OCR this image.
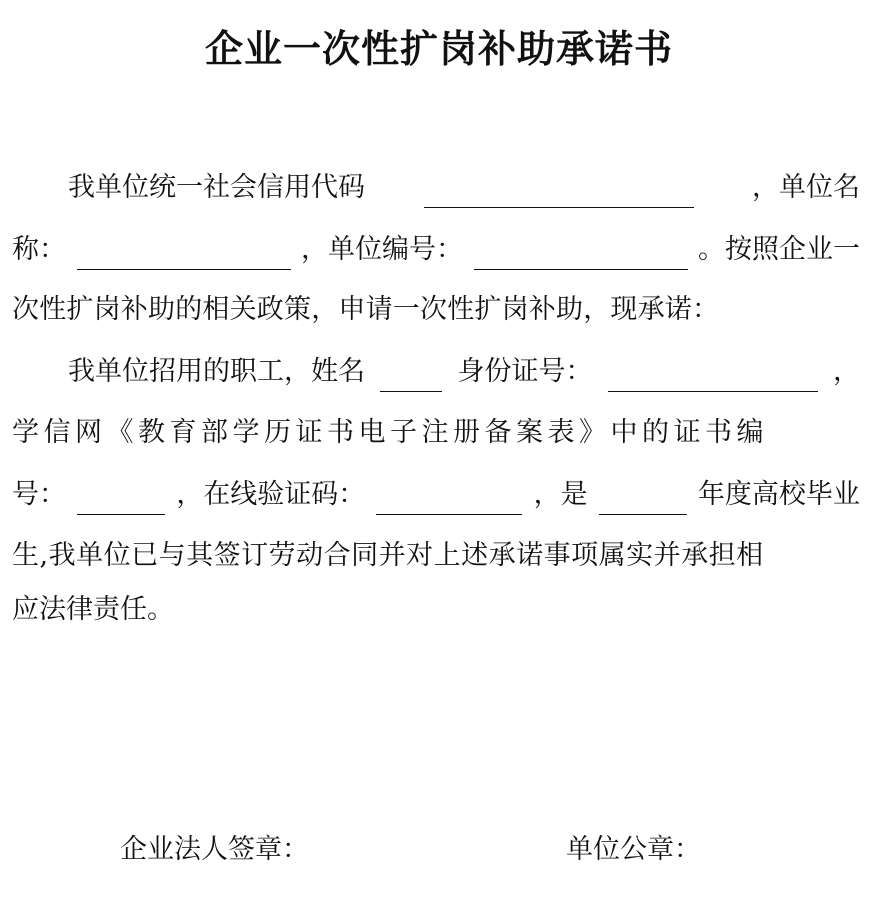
企业一次性扩岗补助承诺书
我单位统一社会信用代码	，单位名
称：	，单位编号：	。按照企业一
次性扩岗补助的相关政策，申请一次性扩岗补助，现承诺：
我单位招用的职工，姓名	身份证号：	，
学信网《教育部学历证书电子注册备案表》中的证书编
号：	，在线验证码：	，是	年度高校毕业
生,我单位已与其签订劳动合同并对上述承诺事项属实并承担相
应法律责任。
企业法人签章：	单位公章：
